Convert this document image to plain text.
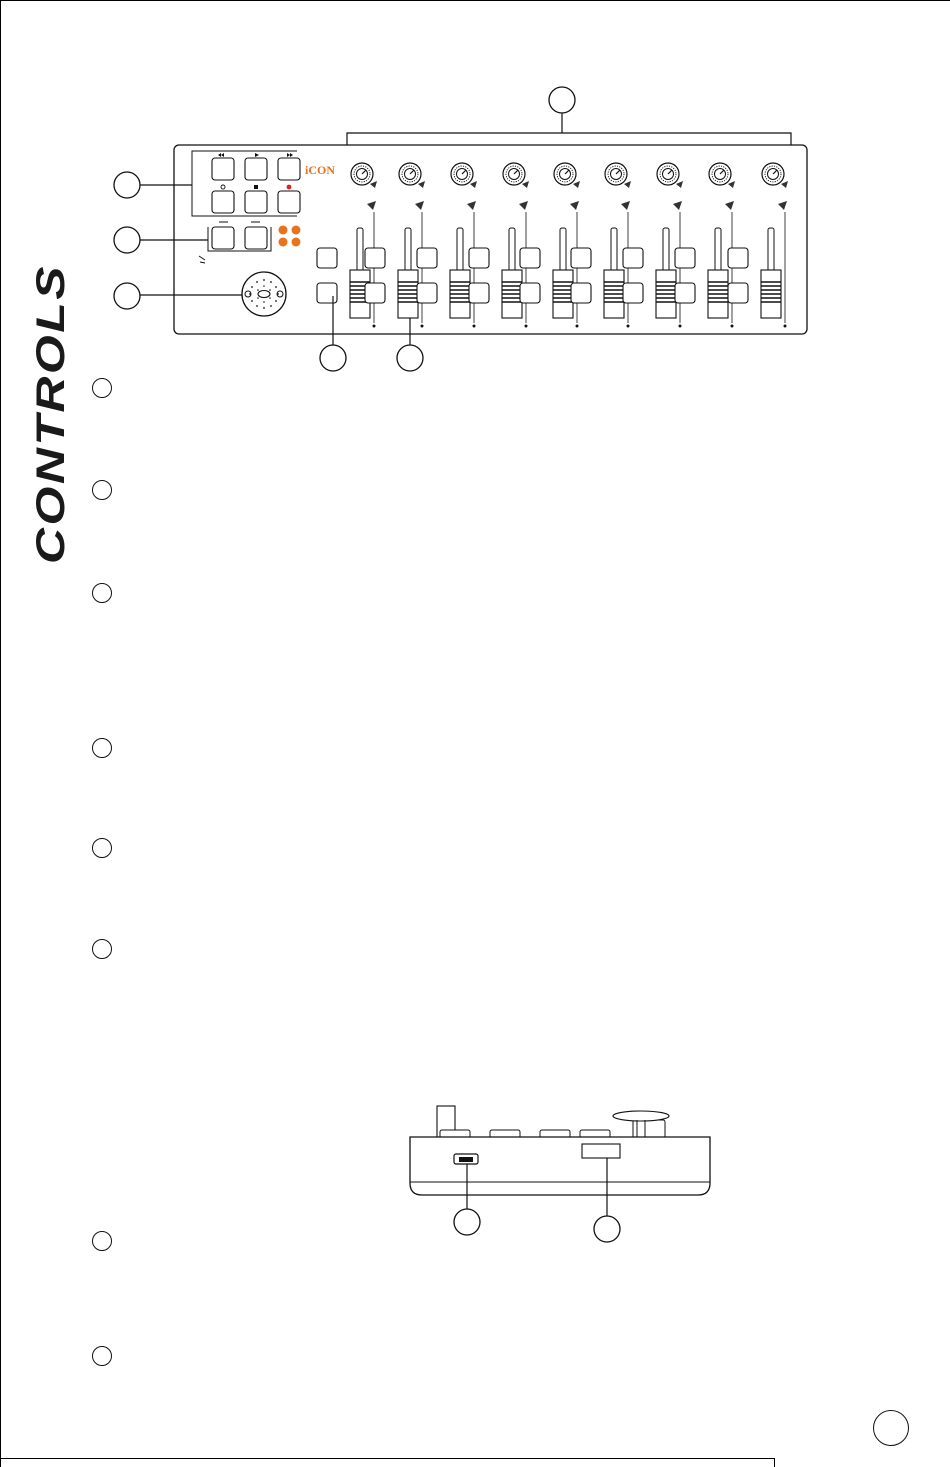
CONTROLS
iCON
